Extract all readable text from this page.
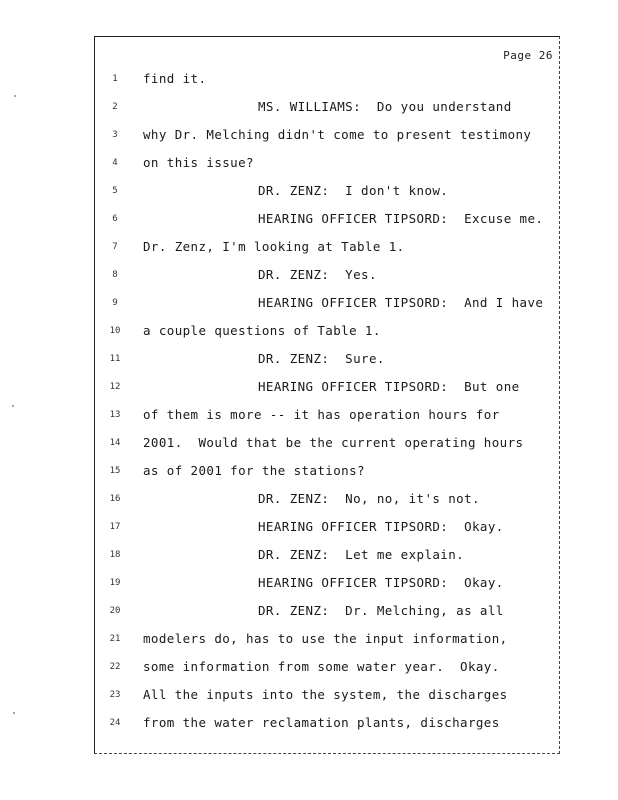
Page 26
1
2
3
4
5
6
7
8
9
10
11
12
13
14
15
16
17
18
19
20
21
22
23
24
find it.
MS. WILLIAMS:  Do you understand
why Dr. Melching didn't come to present testimony
on this issue?
DR. ZENZ:  I don't know.
HEARING OFFICER TIPSORD:  Excuse me.
Dr. Zenz, I'm looking at Table 1.
DR. ZENZ:  Yes.
HEARING OFFICER TIPSORD:  And I have
a couple questions of Table 1.
DR. ZENZ:  Sure.
HEARING OFFICER TIPSORD:  But one
of them is more -- it has operation hours for
2001.  Would that be the current operating hours
as of 2001 for the stations?
DR. ZENZ:  No, no, it's not.
HEARING OFFICER TIPSORD:  Okay.
DR. ZENZ:  Let me explain.
HEARING OFFICER TIPSORD:  Okay.
DR. ZENZ:  Dr. Melching, as all
modelers do, has to use the input information,
some information from some water year.  Okay.
All the inputs into the system, the discharges
from the water reclamation plants, discharges
